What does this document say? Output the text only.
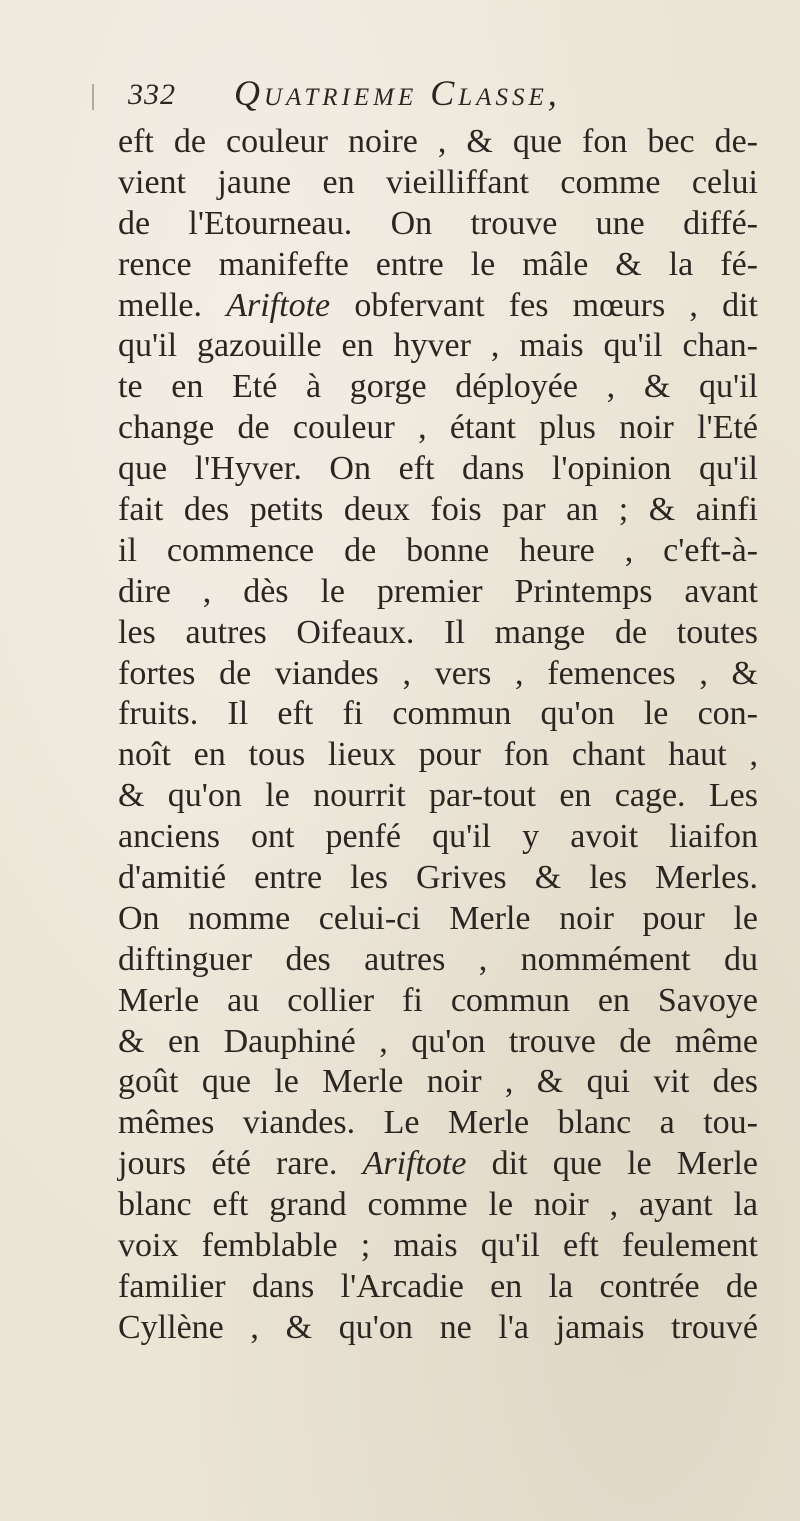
332 Quatrieme Classe,
eft de couleur noire , & que fon bec de-
vient jaune en vieilliffant comme celui
de l'Etourneau. On trouve une diffé-
rence manifefte entre le mâle & la fé-
melle. Ariftote obfervant fes mœurs , dit
qu'il gazouille en hyver , mais qu'il chan-
te en Eté à gorge déployée , & qu'il
change de couleur , étant plus noir l'Eté
que l'Hyver. On eft dans l'opinion qu'il
fait des petits deux fois par an ; & ainfi
il commence de bonne heure , c'eft-à-
dire , dès le premier Printemps avant
les autres Oifeaux. Il mange de toutes
fortes de viandes , vers , femences , &
fruits. Il eft fi commun qu'on le con-
noît en tous lieux pour fon chant haut ,
& qu'on le nourrit par-tout en cage. Les
anciens ont penfé qu'il y avoit liaifon
d'amitié entre les Grives & les Merles.
On nomme celui-ci Merle noir pour le
diftinguer des autres , nommément du
Merle au collier fi commun en Savoye
& en Dauphiné , qu'on trouve de même
goût que le Merle noir , & qui vit des
mêmes viandes. Le Merle blanc a tou-
jours été rare. Ariftote dit que le Merle
blanc eft grand comme le noir , ayant la
voix femblable ; mais qu'il eft feulement
familier dans l'Arcadie en la contrée de
Cyllène , & qu'on ne l'a jamais trouvé
